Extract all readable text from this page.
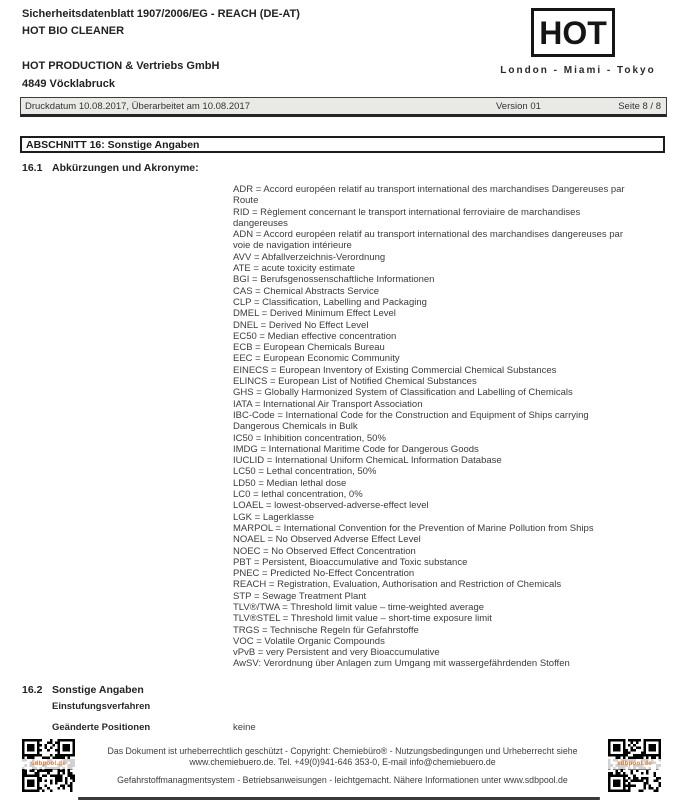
Sicherheitsdatenblatt 1907/2006/EG - REACH (DE-AT)
HOT BIO CLEANER
HOT PRODUCTION & Vertriebs GmbH
4849 Vöcklabruck
HOT
London - Miami - Tokyo
Druckdatum 10.08.2017, Überarbeitet am 10.08.2017	Version 01	Seite 8 / 8
ABSCHNITT 16: Sonstige Angaben
16.1 Abkürzungen und Akronyme:
ADR = Accord européen relatif au transport international des marchandises Dangereuses par
Route
RID = Règlement concernant le transport international ferroviaire de marchandises
dangereuses
ADN = Accord européen relatif au transport international des marchandises dangereuses par
voie de navigation intérieure
AVV = Abfallverzeichnis-Verordnung
ATE = acute toxicity estimate
BGI = Berufsgenossenschaftliche Informationen
CAS = Chemical Abstracts Service
CLP = Classification, Labelling and Packaging
DMEL = Derived Minimum Effect Level
DNEL = Derived No Effect Level
EC50 = Median effective concentration
ECB = European Chemicals Bureau
EEC = European Economic Community
EINECS = European Inventory of Existing Commercial Chemical Substances
ELINCS = European List of Notified Chemical Substances
GHS = Globally Harmonized System of Classification and Labelling of Chemicals
IATA = International Air Transport Association
IBC-Code = International Code for the Construction and Equipment of Ships carrying
Dangerous Chemicals in Bulk
IC50 = Inhibition concentration, 50%
IMDG = International Maritime Code for Dangerous Goods
IUCLID = International Uniform ChemicaL Information Database
LC50 = Lethal concentration, 50%
LD50 = Median lethal dose
LC0 = lethal concentration, 0%
LOAEL = lowest-observed-adverse-effect level
LGK = Lagerklasse
MARPOL = International Convention for the Prevention of Marine Pollution from Ships
NOAEL = No Observed Adverse Effect Level
NOEC = No Observed Effect Concentration
PBT = Persistent, Bioaccumulative and Toxic substance
PNEC = Predicted No-Effect Concentration
REACH = Registration, Evaluation, Authorisation and Restriction of Chemicals
STP = Sewage Treatment Plant
TLV®/TWA = Threshold limit value – time-weighted average
TLV®STEL = Threshold limit value – short-time exposure limit
TRGS = Technische Regeln für Gefahrstoffe
VOC = Volatile Organic Compounds
vPvB = very Persistent and very Bioaccumulative
AwSV: Verordnung über Anlagen zum Umgang mit wassergefährdenden Stoffen
16.2 Sonstige Angaben
Einstufungsverfahren
Geänderte Positionen	keine
Das Dokument ist urheberrechtlich geschützt - Copyright: Chemiebüro® - Nutzungsbedingungen und Urheberrecht siehe
www.chemiebuero.de. Tel. +49(0)941-646 353-0, E-mail info@chemiebuero.de
Gefahrstoffmanagmentsystem - Betriebsanweisungen - leichtgemacht. Nähere Informationen unter www.sdbpool.de
sdbpool.de	sdbpool.de
